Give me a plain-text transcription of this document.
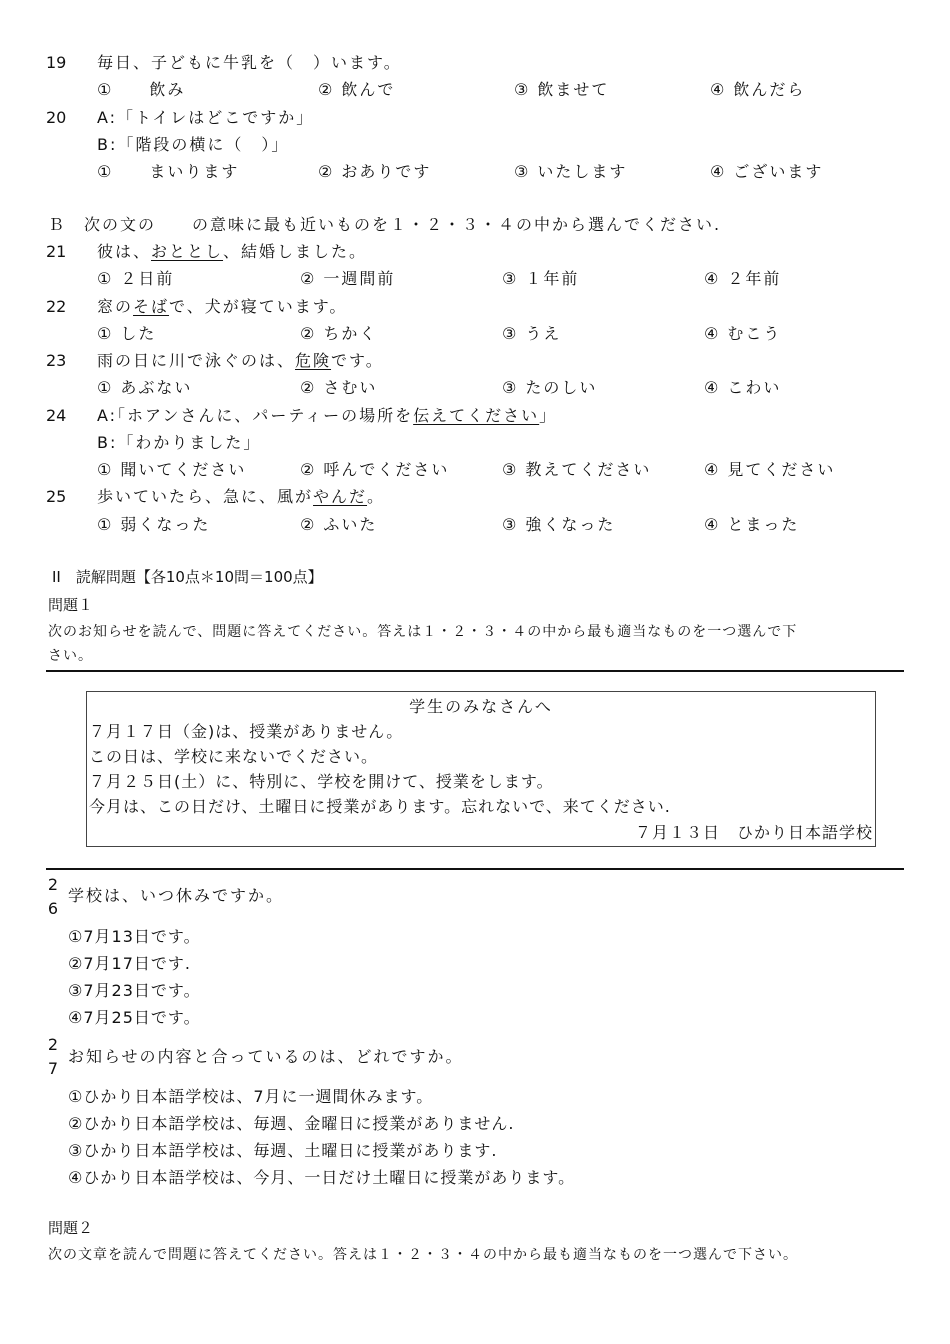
19	毎日、子どもに牛乳を（　）います。
①　　飲み	② 飲んで	③ 飲ませて	④ 飲んだら
20	A:「トイレはどこですか」
B:「階段の横に（　）」
①　　まいります	② おありです	③ いたします	④ ございます
Ｂ 次の文の　　の意味に最も近いものを１・２・３・４の中から選んでください.
21	彼は、おととし、結婚しました。
① ２日前	② 一週間前	③ １年前	④ ２年前
22	窓のそばで、犬が寝ています。
① した	② ちかく	③ うえ	④ むこう
23	雨の日に川で泳ぐのは、危険です。
① あぶない	② さむい	③ たのしい	④ こわい
24	A:｢ホアンさんに、パーティーの場所を伝えてください｣
B:「わかりました」
① 聞いてください	② 呼んでください	③ 教えてください	④ 見てください
25	歩いていたら、急に、風がやんだ。
① 弱くなった	② ふいた	③ 強くなった	④ とまった
II　読解問題【各10点＊10問＝100点】
問題１
次のお知らせを読んで、問題に答えてください。答えは１・２・３・４の中から最も適当なものを一つ選んで下
さい。
学生のみなさんへ
７月１７日（金)は、授業がありません。
この日は、学校に来ないでください。
７月２５日(土）に、特別に、学校を開けて、授業をします。
今月は、この日だけ、土曜日に授業があります。忘れないで、来てください.
７月１３日　ひかり日本語学校
2
6
学校は、いつ休みですか。
①7月13日です。
②7月17日です.
③7月23日です。
④7月25日です。
2
7
お知らせの内容と合っているのは、どれですか。
①ひかり日本語学校は、7月に一週間休みます。
②ひかり日本語学校は、毎週、金曜日に授業がありません.
③ひかり日本語学校は、毎週、土曜日に授業があります.
④ひかり日本語学校は、今月、一日だけ土曜日に授業があります。
問題２
次の文章を読んで問題に答えてください。答えは１・２・３・４の中から最も適当なものを一つ選んで下さい。
